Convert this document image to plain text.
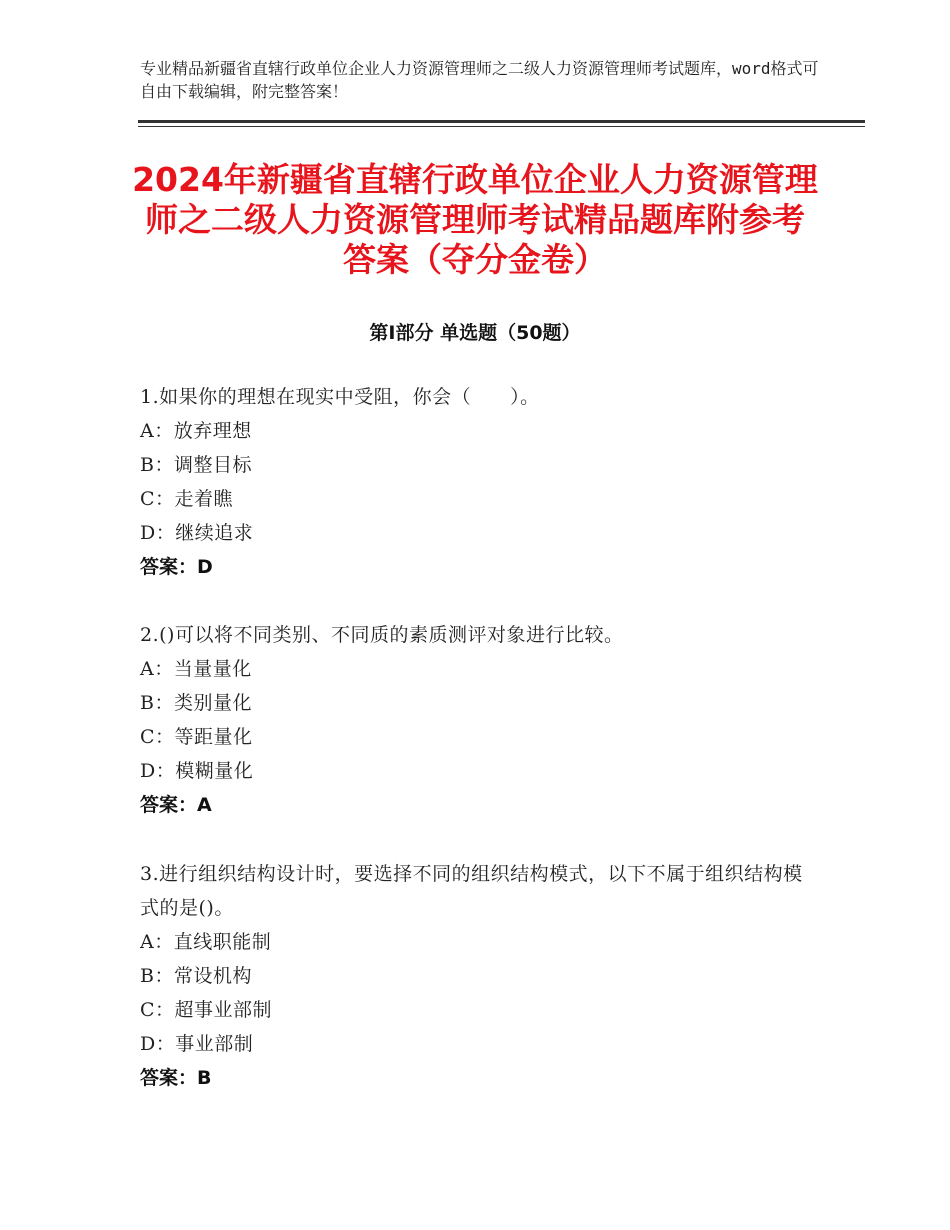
专业精品新疆省直辖行政单位企业人力资源管理师之二级人力资源管理师考试题库，word格式可自由下载编辑，附完整答案！
2024年新疆省直辖行政单位企业人力资源管理师之二级人力资源管理师考试精品题库附参考答案（夺分金卷）
第Ⅰ部分 单选题（50题）
1.如果你的理想在现实中受阻，你会（　　）。
A：放弃理想
B：调整目标
C：走着瞧
D：继续追求
答案：D
2.()可以将不同类别、不同质的素质测评对象进行比较。
A：当量量化
B：类别量化
C：等距量化
D：模糊量化
答案：A
3.进行组织结构设计时，要选择不同的组织结构模式，以下不属于组织结构模式的是()。
A：直线职能制
B：常设机构
C：超事业部制
D：事业部制
答案：B
